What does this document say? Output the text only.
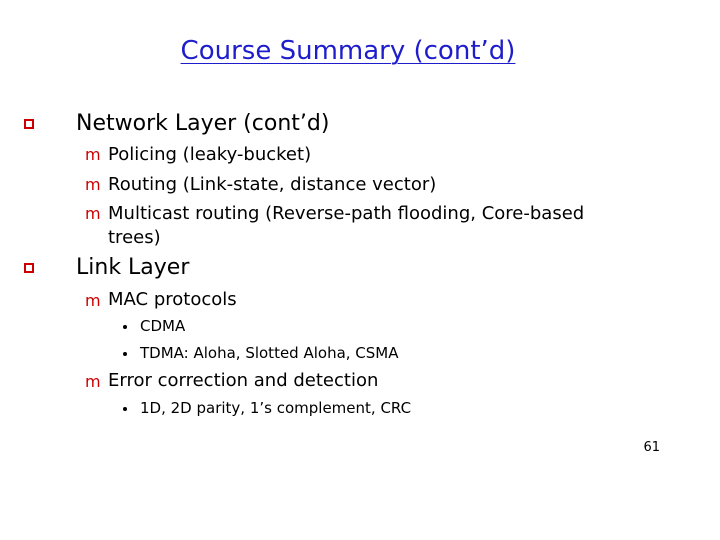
Course Summary (cont’d)
Network Layer (cont’d)
m Policing (leaky-bucket)
m Routing (Link-state, distance vector)
m Multicast routing (Reverse-path flooding, Core-based
trees)
Link Layer
m MAC protocols
CDMA
TDMA: Aloha, Slotted Aloha, CSMA
m Error correction and detection
1D, 2D parity, 1’s complement, CRC
61
